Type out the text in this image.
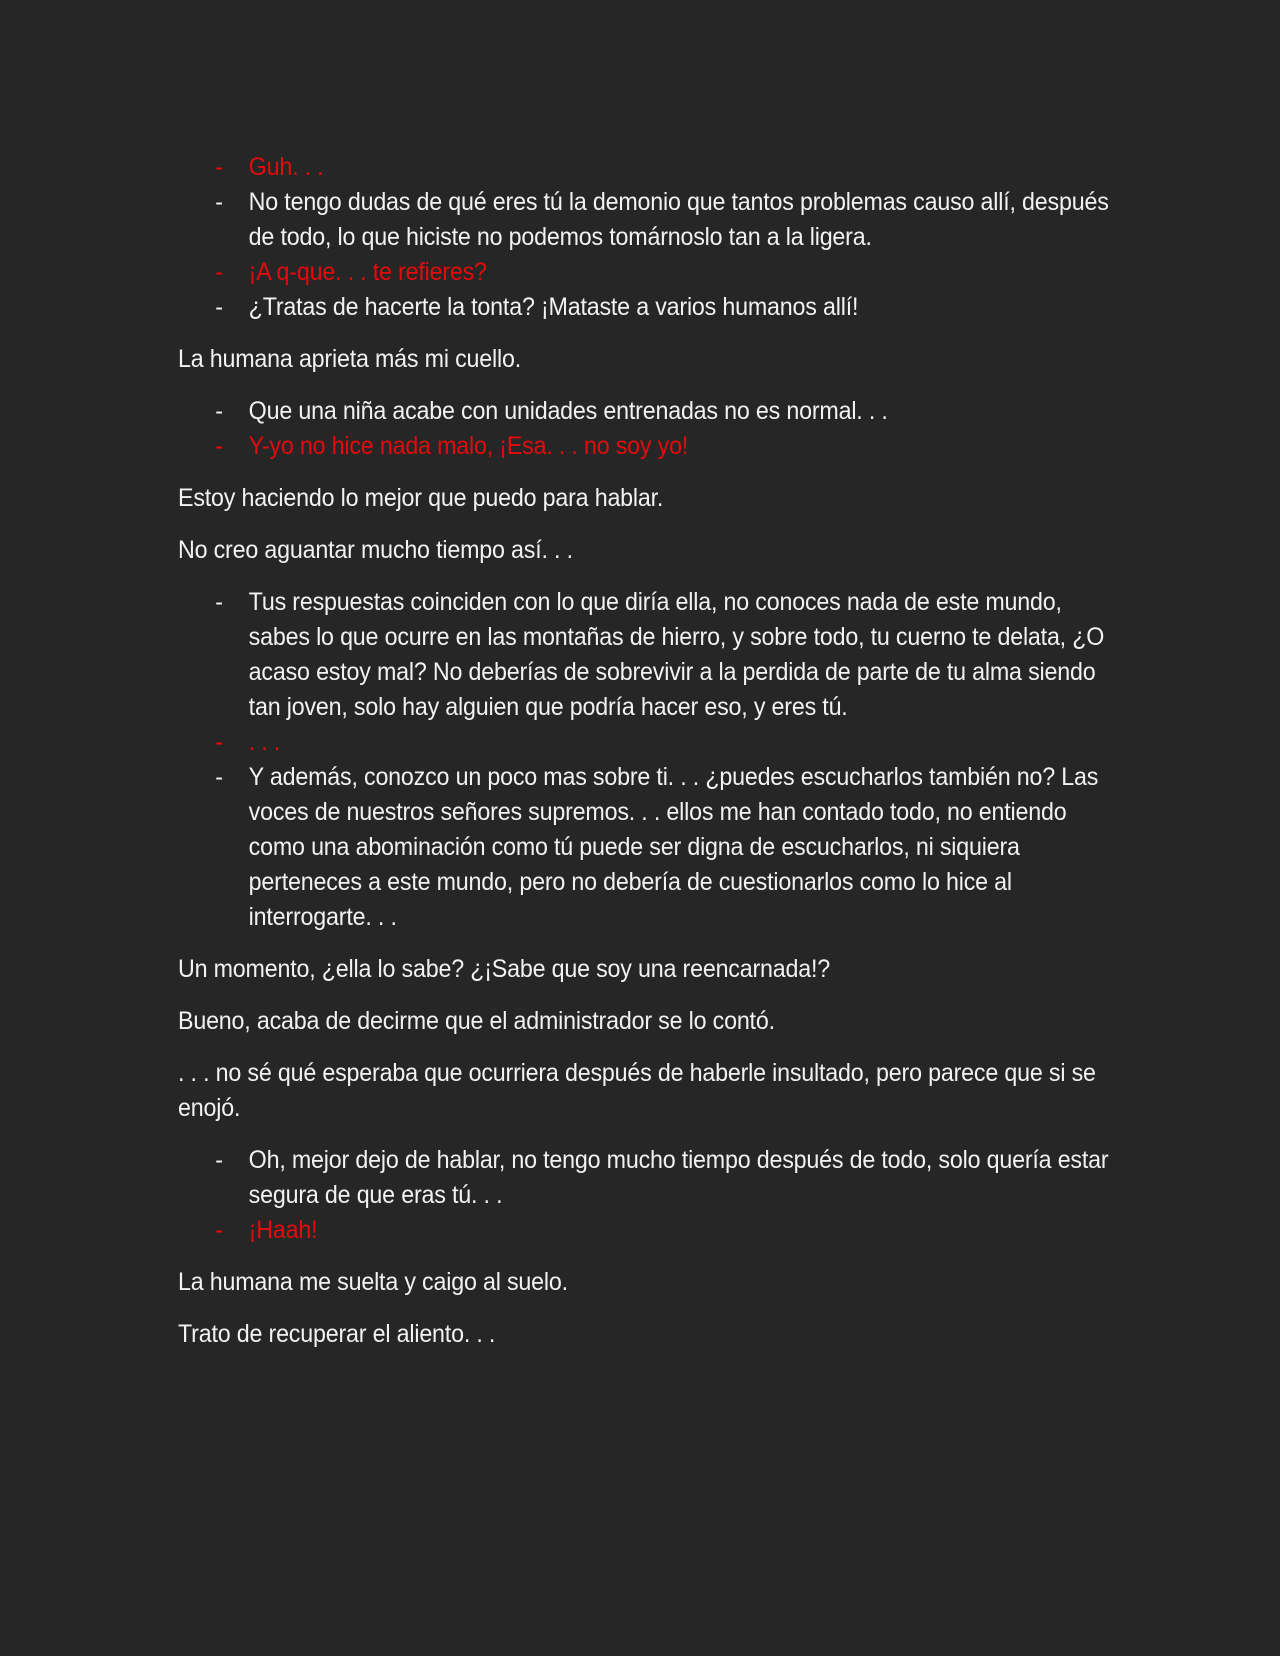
- Guh. . .
- No tengo dudas de qué eres tú la demonio que tantos problemas causo allí, después de todo, lo que hiciste no podemos tomárnoslo tan a la ligera.
- ¡A q-que. . . te refieres?
- ¿Tratas de hacerte la tonta? ¡Mataste a varios humanos allí!

La humana aprieta más mi cuello.

- Que una niña acabe con unidades entrenadas no es normal. . .
- Y-yo no hice nada malo, ¡Esa. . . no soy yo!

Estoy haciendo lo mejor que puedo para hablar.

No creo aguantar mucho tiempo así. . .

- Tus respuestas coinciden con lo que diría ella, no conoces nada de este mundo, sabes lo que ocurre en las montañas de hierro, y sobre todo, tu cuerno te delata, ¿O acaso estoy mal? No deberías de sobrevivir a la perdida de parte de tu alma siendo tan joven, solo hay alguien que podría hacer eso, y eres tú.
- . . .
- Y además, conozco un poco mas sobre ti. . . ¿puedes escucharlos también no? Las voces de nuestros señores supremos. . . ellos me han contado todo, no entiendo como una abominación como tú puede ser digna de escucharlos, ni siquiera perteneces a este mundo, pero no debería de cuestionarlos como lo hice al interrogarte. . .

Un momento, ¿ella lo sabe? ¿¡Sabe que soy una reencarnada!?

Bueno, acaba de decirme que el administrador se lo contó.

. . . no sé qué esperaba que ocurriera después de haberle insultado, pero parece que si se enojó.

- Oh, mejor dejo de hablar, no tengo mucho tiempo después de todo, solo quería estar segura de que eras tú. . .
- ¡Haah!

La humana me suelta y caigo al suelo.

Trato de recuperar el aliento. . .
